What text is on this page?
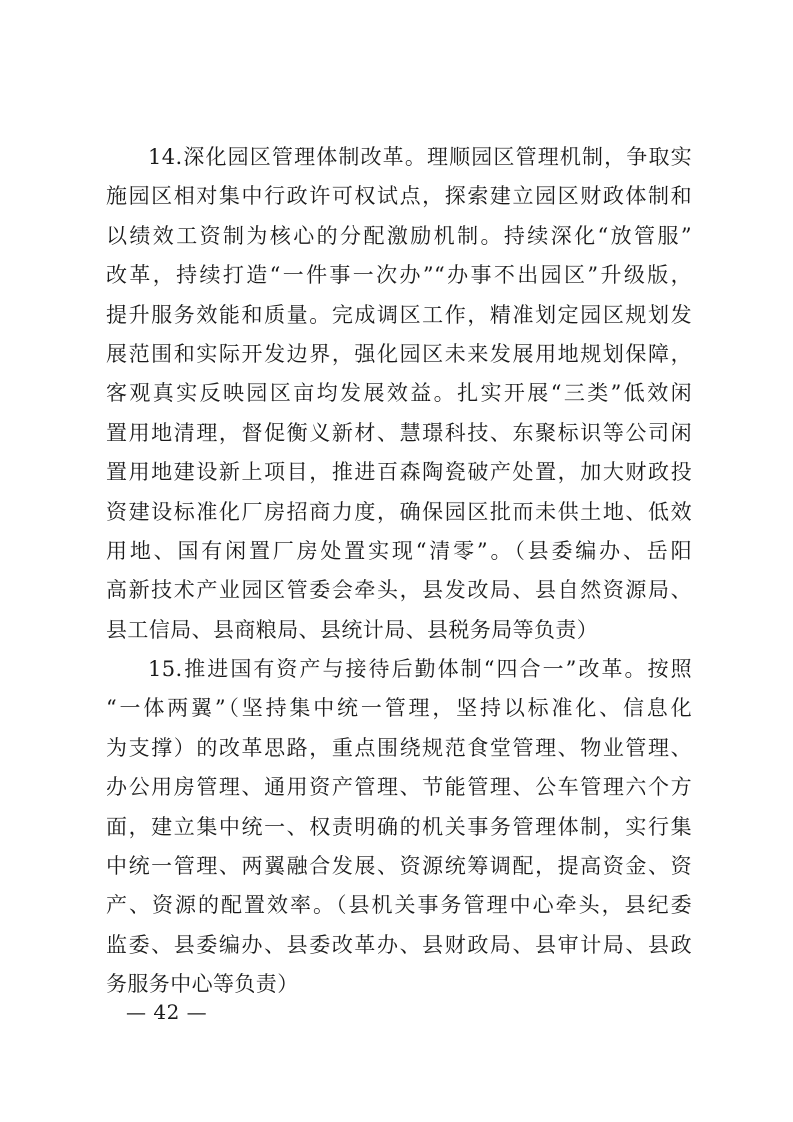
14.深化园区管理体制改革。理顺园区管理机制，争取实
施园区相对集中行政许可权试点，探索建立园区财政体制和
以绩效工资制为核心的分配激励机制。持续深化“放管服”
改革，持续打造“一件事一次办”“办事不出园区”升级版，
提升服务效能和质量。完成调区工作，精准划定园区规划发
展范围和实际开发边界，强化园区未来发展用地规划保障，
客观真实反映园区亩均发展效益。扎实开展“三类”低效闲
置用地清理，督促衡义新材、慧璟科技、东聚标识等公司闲
置用地建设新上项目，推进百森陶瓷破产处置，加大财政投
资建设标准化厂房招商力度，确保园区批而未供土地、低效
用地、国有闲置厂房处置实现“清零”。（县委编办、岳阳
高新技术产业园区管委会牵头，县发改局、县自然资源局、
县工信局、县商粮局、县统计局、县税务局等负责）
15.推进国有资产与接待后勤体制“四合一”改革。按照
“一体两翼”（坚持集中统一管理，坚持以标准化、信息化
为支撑）的改革思路，重点围绕规范食堂管理、物业管理、
办公用房管理、通用资产管理、节能管理、公车管理六个方
面，建立集中统一、权责明确的机关事务管理体制，实行集
中统一管理、两翼融合发展、资源统筹调配，提高资金、资
产、资源的配置效率。（县机关事务管理中心牵头，县纪委
监委、县委编办、县委改革办、县财政局、县审计局、县政
务服务中心等负责）
— 42 —
